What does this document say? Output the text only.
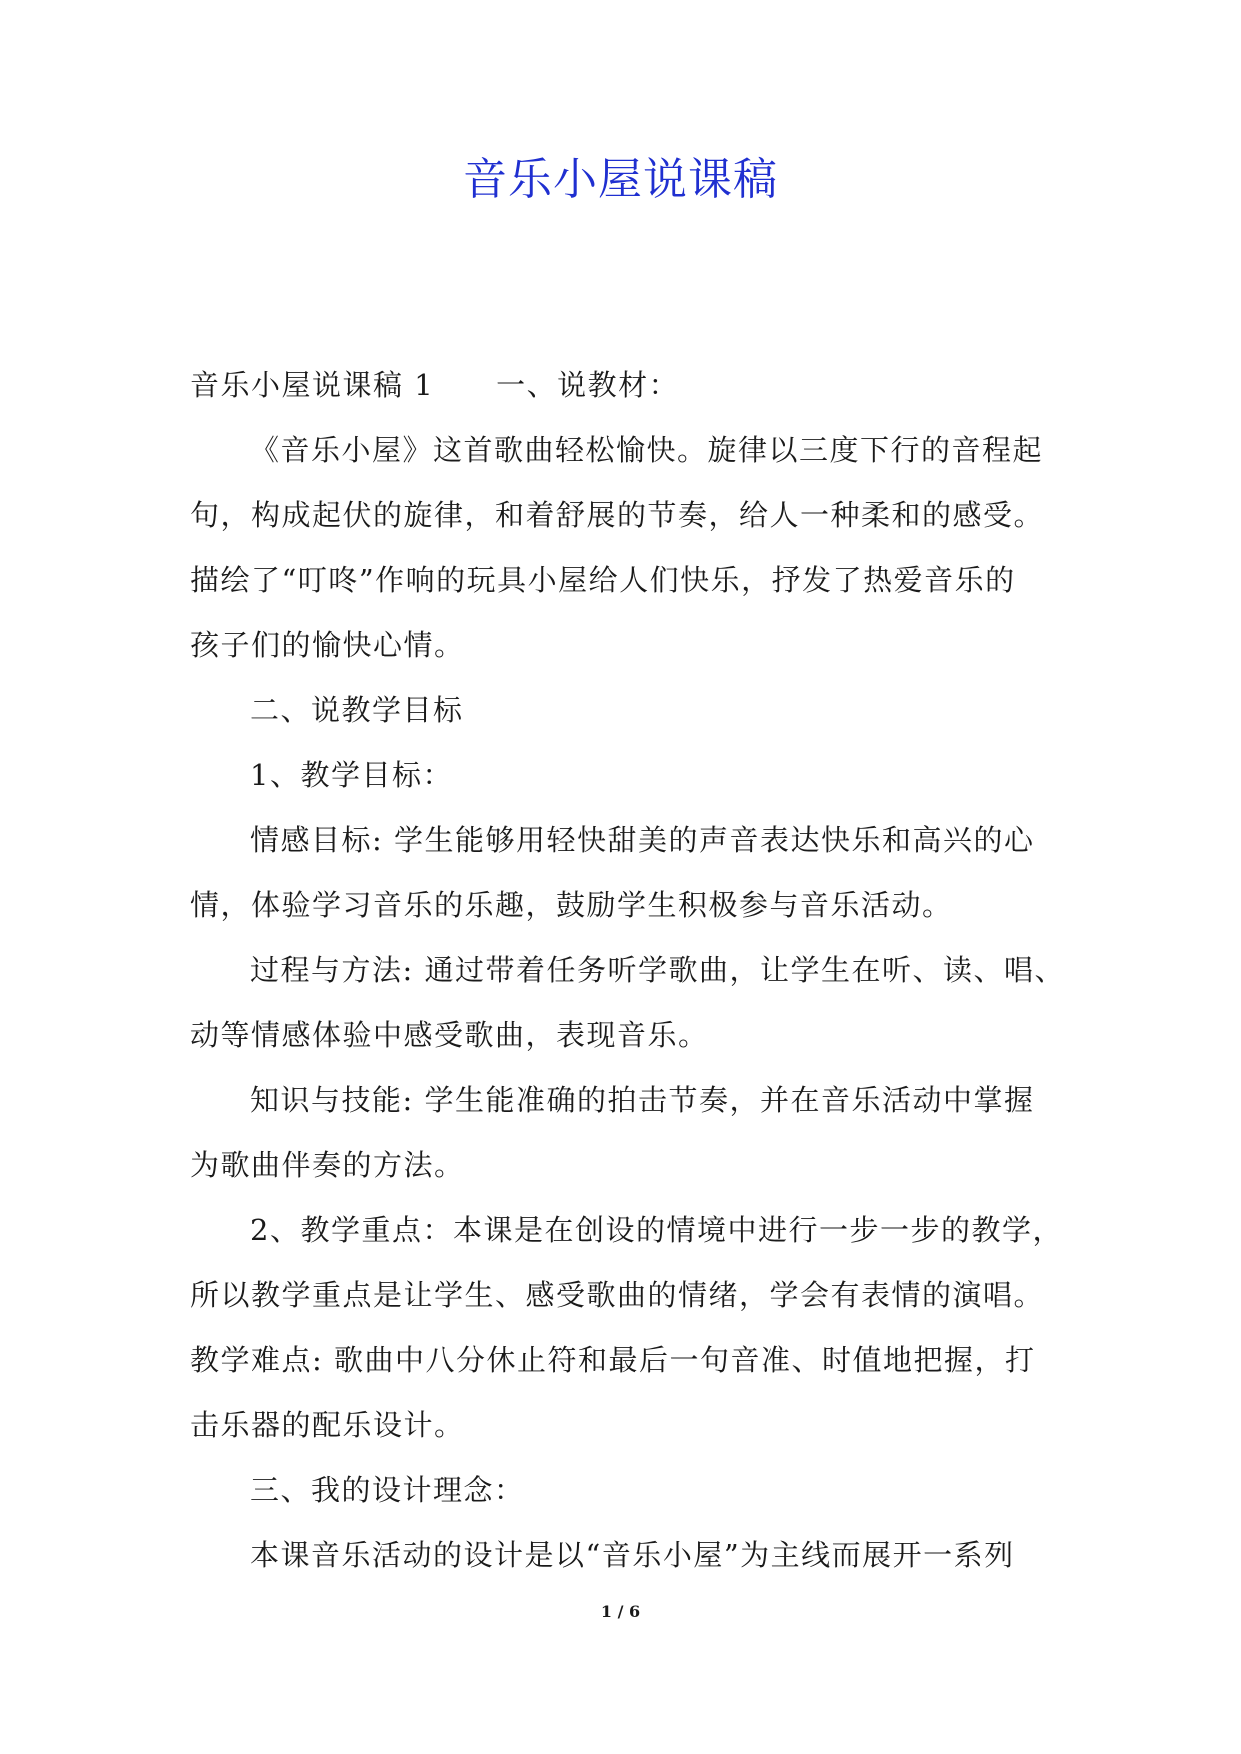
音乐小屋说课稿
音乐小屋说课稿 1 一、说教材：
《音乐小屋》这首歌曲轻松愉快。旋律以三度下行的音程起
句，构成起伏的旋律，和着舒展的节奏，给人一种柔和的感受。
描绘了“叮咚”作响的玩具小屋给人们快乐，抒发了热爱音乐的
孩子们的愉快心情。
二、说教学目标
1、教学目标：
情感目标: 学生能够用轻快甜美的声音表达快乐和高兴的心
情，体验学习音乐的乐趣，鼓励学生积极参与音乐活动。
过程与方法: 通过带着任务听学歌曲，让学生在听、读、唱、
动等情感体验中感受歌曲，表现音乐。
知识与技能: 学生能准确的拍击节奏，并在音乐活动中掌握
为歌曲伴奏的方法。
2、教学重点：本课是在创设的情境中进行一步一步的教学，
所以教学重点是让学生、感受歌曲的情绪，学会有表情的演唱。
教学难点: 歌曲中八分休止符和最后一句音准、时值地把握，打
击乐器的配乐设计。
三、我的设计理念：
本课音乐活动的设计是以“音乐小屋”为主线而展开一系列
1 / 6
